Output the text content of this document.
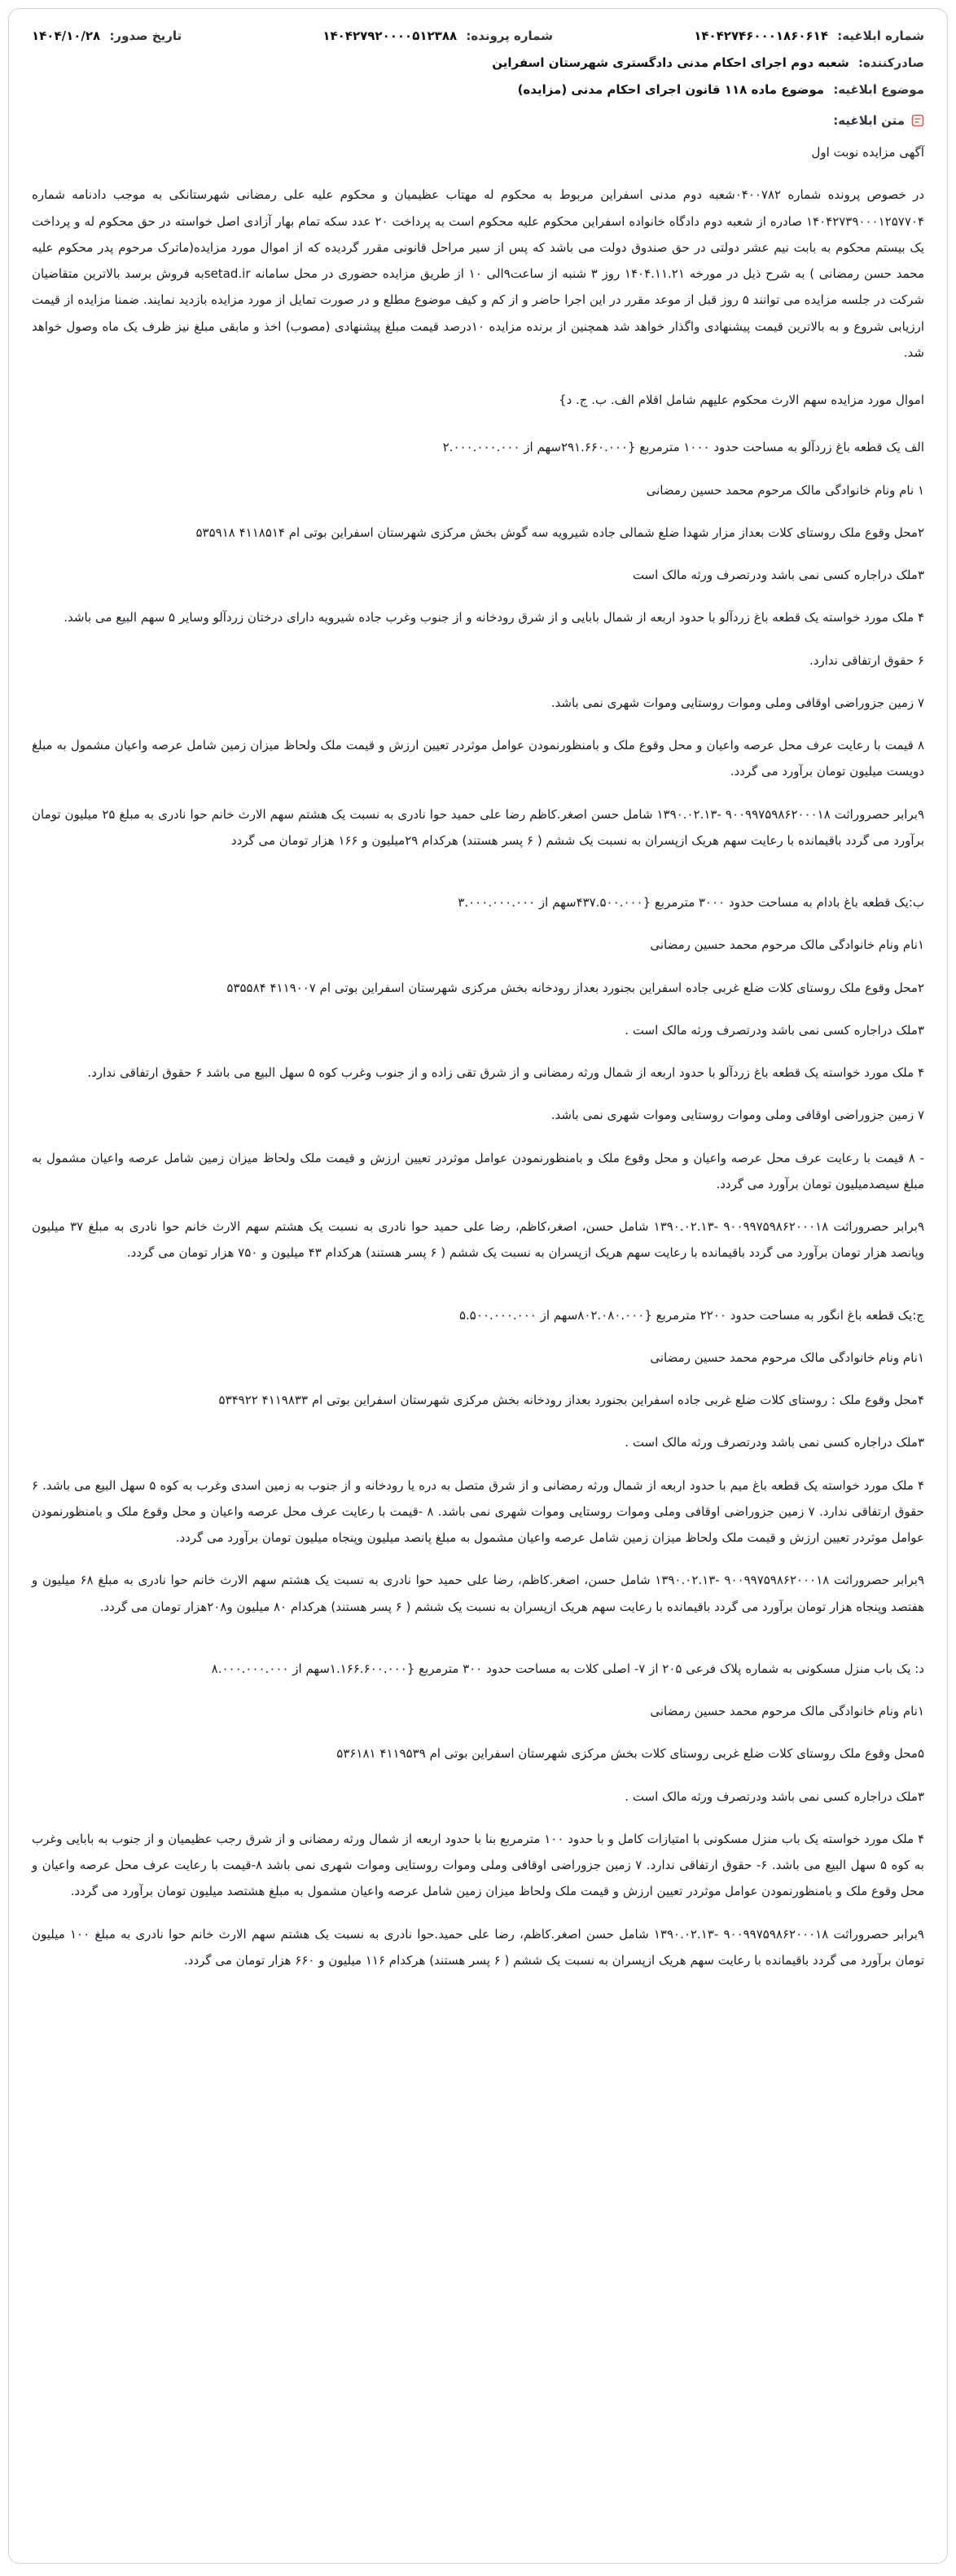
شماره ابلاغیه: ۱۴۰۴۲۷۴۶۰۰۰۱۸۶۰۶۱۴
شماره پرونده: ۱۴۰۴۲۷۹۲۰۰۰۰۵۱۲۳۸۸
تاریخ صدور: ۱۴۰۴/۱۰/۲۸
صادرکننده: شعبه دوم اجرای احکام مدنی دادگستری شهرستان اسفراین
موضوع ابلاغیه: موضوع ماده ۱۱۸ قانون اجرای احکام مدنی (مزایده)
متن ابلاغیه:

آگهی مزایده نوبت اول

در خصوص پرونده شماره ۰۴۰۰۷۸۲شعبه دوم مدنی اسفراین مربوط به محکوم له مهتاب عظیمیان و محکوم علیه علی رمضانی شهرستانکی به موجب دادنامه شماره ۱۴۰۴۲۷۳۹۰۰۰۱۲۵۷۷۰۴ صادره از شعبه دوم دادگاه خانواده اسفراین محکوم علیه محکوم است به پرداخت ۲۰ عدد سکه تمام بهار آزادی اصل خواسته در حق محکوم له و پرداخت یک بیستم محکوم به بابت نیم عشر دولتی در حق صندوق دولت می باشد که پس از سیر مراحل قانونی مقرر گردیده که از اموال مورد مزایده(ماترک مرحوم پدر محکوم علیه محمد حسن رمضانی ) به شرح ذیل در مورخه ۱۴۰۴.۱۱.۲۱ روز ۳ شنبه از ساعت۹الی ۱۰ از طریق مزایده حضوری در محل سامانه setad.irبه فروش برسد بالاترین متقاضیان شرکت در جلسه مزایده می توانند ۵ روز قبل از موعد مقرر در این اجرا حاضر و از کم و کیف موضوع مطلع و در صورت تمایل از مورد مزایده بازدید نمایند. ضمنا مزایده از قیمت ارزیابی شروع و به بالاترین قیمت پیشنهادی واگذار خواهد شد همچنین از برنده مزایده ۱۰درصد قیمت مبلغ پیشنهادی (مصوب) اخذ و مابقی مبلغ نیز ظرف یک ماه وصول خواهد شد.

اموال مورد مزایده سهم الارث محکوم علیهم شامل اقلام الف. ب. ج. د}

الف یک قطعه باغ زردآلو به مساحت حدود ۱۰۰۰ مترمربع {۲۹۱.۶۶۰.۰۰۰سهم از ۲.۰۰۰.۰۰۰.۰۰۰

۱ نام ونام خانوادگی مالک مرحوم محمد حسین رمضانی

۲محل وقوع ملک روستای کلات بعداز مزار شهدا ضلع شمالی جاده شیرویه سه گوش بخش مرکزی شهرستان اسفراین بوتی ام ۴۱۱۸۵۱۴ ۵۳۵۹۱۸

۳ملک دراجاره کسی نمی باشد ودرتصرف ورثه مالک است

۴ ملک مورد خواسته یک قطعه باغ زردآلو با حدود اربعه از شمال بابایی و از شرق رودخانه و از جنوب وغرب جاده شیرویه دارای درختان زردآلو وسایر ۵ سهم البیع می باشد.

۶ حقوق ارتفاقی ندارد.

۷ زمین جزوراضی اوقافی وملی وموات روستایی وموات شهری نمی باشد.

۸ قیمت با رعایت عرف محل عرصه واعیان و محل وقوع ملک و بامنظورنمودن عوامل موثردر تعیین ارزش و قیمت ملک ولحاظ میزان زمین شامل عرصه واعیان مشمول به مبلغ دویست میلیون تومان برآورد می گردد.

۹برابر حصروراثت ۹۰۰۹۹۷۵۹۸۶۲۰۰۰۱۸ -۱۳۹۰.۰۲.۱۳ شامل حسن اصغر.کاظم رضا علی حمید حوا نادری به نسبت یک هشتم سهم الارث خانم حوا نادری به مبلغ ۲۵ میلیون تومان برآورد می گردد باقیمانده با رعایت سهم هریک ازپسران به نسبت یک ششم ( ۶ پسر هستند) هرکدام ۲۹میلیون و ۱۶۶ هزار تومان می گردد

ب:یک قطعه باغ بادام به مساحت حدود ۳۰۰۰ مترمربع {۴۳۷.۵۰۰.۰۰۰سهم از ۳.۰۰۰.۰۰۰.۰۰۰

۱نام ونام خانوادگی مالک مرحوم محمد حسین رمضانی

۲محل وقوع ملک روستای کلات ضلع غربی جاده اسفراین بجنورد بعداز رودخانه بخش مرکزی شهرستان اسفراین بوتی ام ۴۱۱۹۰۰۷ ۵۳۵۵۸۴

۳ملک دراجاره کسی نمی باشد ودرتصرف ورثه مالک است .

۴ ملک مورد خواسته یک قطعه باغ زردآلو با حدود اربعه از شمال ورثه رمضانی و از شرق تقی زاده و از جنوب وغرب کوه ۵ سهل البیع می باشد ۶ حقوق ارتفاقی ندارد.

۷ زمین جزوراضی اوقافی وملی وموات روستایی وموات شهری نمی باشد.

- ۸ قیمت با رعایت عرف محل عرصه واعیان و محل وقوع ملک و بامنظورنمودن عوامل موثردر تعیین ارزش و قیمت ملک ولحاظ میزان زمین شامل عرصه واعیان مشمول به مبلغ سیصدمیلیون تومان برآورد می گردد.

۹برابر حصروراثت ۹۰۰۹۹۷۵۹۸۶۲۰۰۰۱۸ -۱۳۹۰.۰۲.۱۳ شامل حسن، اصغر،کاظم، رضا علی حمید حوا نادری به نسبت یک هشتم سهم الارث خانم حوا نادری به مبلغ ۳۷ میلیون وپانصد هزار تومان برآورد می گردد باقیمانده با رعایت سهم هریک ازپسران به نسبت یک ششم ( ۶ پسر هستند) هرکدام ۴۳ میلیون و ۷۵۰ هزار تومان می گردد.

ج:یک قطعه باغ انگور به مساحت حدود ۲۲۰۰ مترمربع {۸۰۲.۰۸۰.۰۰۰سهم از ۵.۵۰۰.۰۰۰.۰۰۰

۱نام ونام خانوادگی مالک مرحوم محمد حسین رمضانی

۴محل وقوع ملک : روستای کلات ضلع غربی جاده اسفراین بجنورد بعداز رودخانه بخش مرکزی شهرستان اسفراین بوتی ام ۴۱۱۹۸۳۳ ۵۳۴۹۲۲

۳ملک دراجاره کسی نمی باشد ودرتصرف ورثه مالک است .

۴ ملک مورد خواسته یک قطعه باغ میم با حدود اربعه از شمال ورثه رمضانی و از شرق متصل به دره یا رودخانه و از جنوب به زمین اسدی وغرب به کوه ۵ سهل البیع می باشد. ۶ حقوق ارتفاقی ندارد. ۷ زمین جزوراضی اوقافی وملی وموات روستایی وموات شهری نمی باشد. ۸ -قیمت با رعایت عرف محل عرصه واعیان و محل وقوع ملک و بامنظورنمودن عوامل موثردر تعیین ارزش و قیمت ملک ولحاظ میزان زمین شامل عرصه واعیان مشمول به مبلغ پانصد میلیون وپنجاه میلیون تومان برآورد می گردد.

۹برابر حصروراثت ۹۰۰۹۹۷۵۹۸۶۲۰۰۰۱۸ -۱۳۹۰.۰۲.۱۳ شامل حسن، اصغر.کاظم، رضا علی حمید حوا نادری به نسبت یک هشتم سهم الارث خانم حوا نادری به مبلغ ۶۸ میلیون و هفتصد وپنجاه هزار تومان برآورد می گردد باقیمانده با رعایت سهم هریک ازپسران به نسبت یک ششم ( ۶ پسر هستند) هرکدام ۸۰ میلیون و۲۰۸هزار تومان می گردد.

د: یک باب منزل مسکونی به شماره پلاک فرعی ۲۰۵ از ۷- اصلی کلات به مساحت حدود ۳۰۰ مترمربع {۱.۱۶۶.۶۰۰.۰۰۰سهم از ۸.۰۰۰.۰۰۰.۰۰۰

۱نام ونام خانوادگی مالک مرحوم محمد حسین رمضانی

۵محل وقوع ملک روستای کلات ضلع غربی روستای کلات بخش مرکزی شهرستان اسفراین بوتی ام ۴۱۱۹۵۳۹ ۵۳۶۱۸۱

۳ملک دراجاره کسی نمی باشد ودرتصرف ورثه مالک است .

۴ ملک مورد خواسته یک باب منزل مسکونی با امتیازات کامل و با حدود ۱۰۰ مترمربع بنا با حدود اربعه از شمال ورثه رمضانی و از شرق رجب عظیمیان و از جنوب به بابایی وغرب به کوه ۵ سهل البیع می باشد. ۶- حقوق ارتفاقی ندارد. ۷ زمین جزوراضی اوقافی وملی وموات روستایی وموات شهری نمی باشد ۸-قیمت با رعایت عرف محل عرصه واعیان و محل وقوع ملک و بامنظورنمودن عوامل موثردر تعیین ارزش و قیمت ملک ولحاظ میزان زمین شامل عرصه واعیان مشمول به مبلغ هشتصد میلیون تومان برآورد می گردد.

۹برابر حصروراثت ۹۰۰۹۹۷۵۹۸۶۲۰۰۰۱۸ -۱۳۹۰.۰۲.۱۳ شامل حسن اصغر.کاظم، رضا علی حمید.حوا نادری به نسبت یک هشتم سهم الارث خانم حوا نادری به مبلغ ۱۰۰ میلیون تومان برآورد می گردد باقیمانده با رعایت سهم هریک ازپسران به نسبت یک ششم ( ۶ پسر هستند) هرکدام ۱۱۶ میلیون و ۶۶۰ هزار تومان می گردد.
